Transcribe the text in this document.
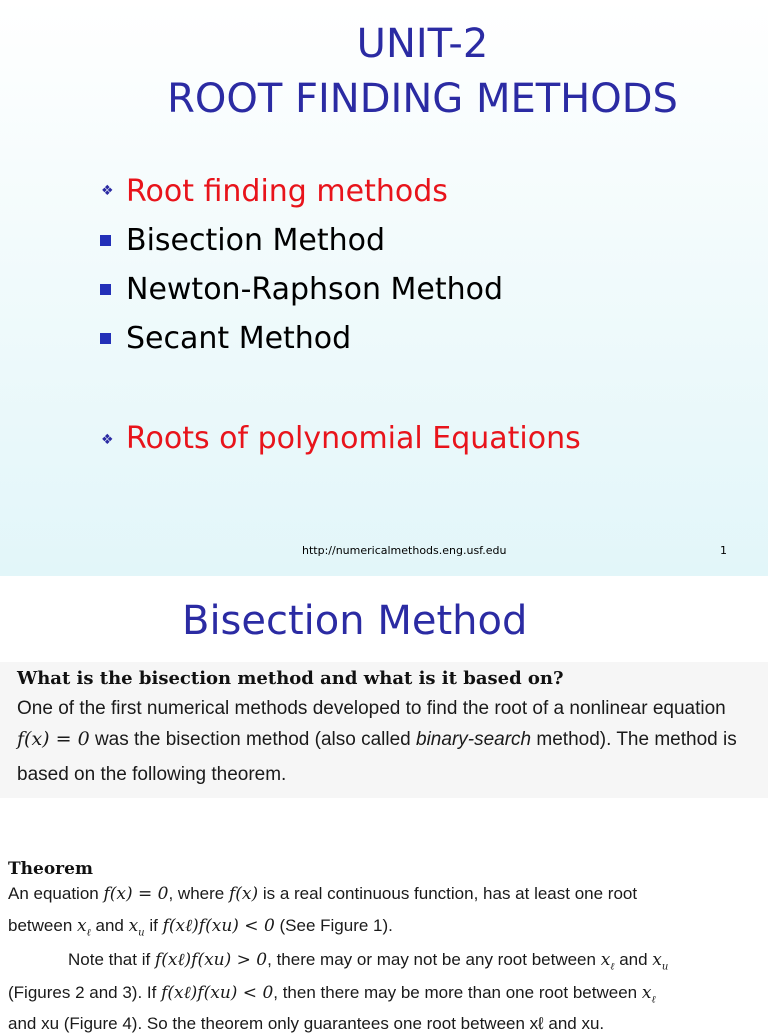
UNIT-2
ROOT FINDING METHODS
❖ Root finding methods
Bisection Method
Newton-Raphson Method
Secant Method
❖ Roots of polynomial Equations
http://numericalmethods.eng.usf.edu	1
Bisection Method
What is the bisection method and what is it based on?
One of the first numerical methods developed to find the root of a nonlinear equation
f(x) = 0 was the bisection method (also called binary-search method). The method is
based on the following theorem.
Theorem
An equation f(x) = 0, where f(x) is a real continuous function, has at least one root
between $x_\ell$ and $x_u$ if f(xℓ)f(xu) < 0 (See Figure 1).
Note that if f(xℓ)f(xu) > 0, there may or may not be any root between $x_\ell$ and $x_u$
(Figures 2 and 3). If f(xℓ)f(xu) < 0, then there may be more than one root between $x_\ell$
and xu (Figure 4). So the theorem only guarantees one root between xℓ and xu.
